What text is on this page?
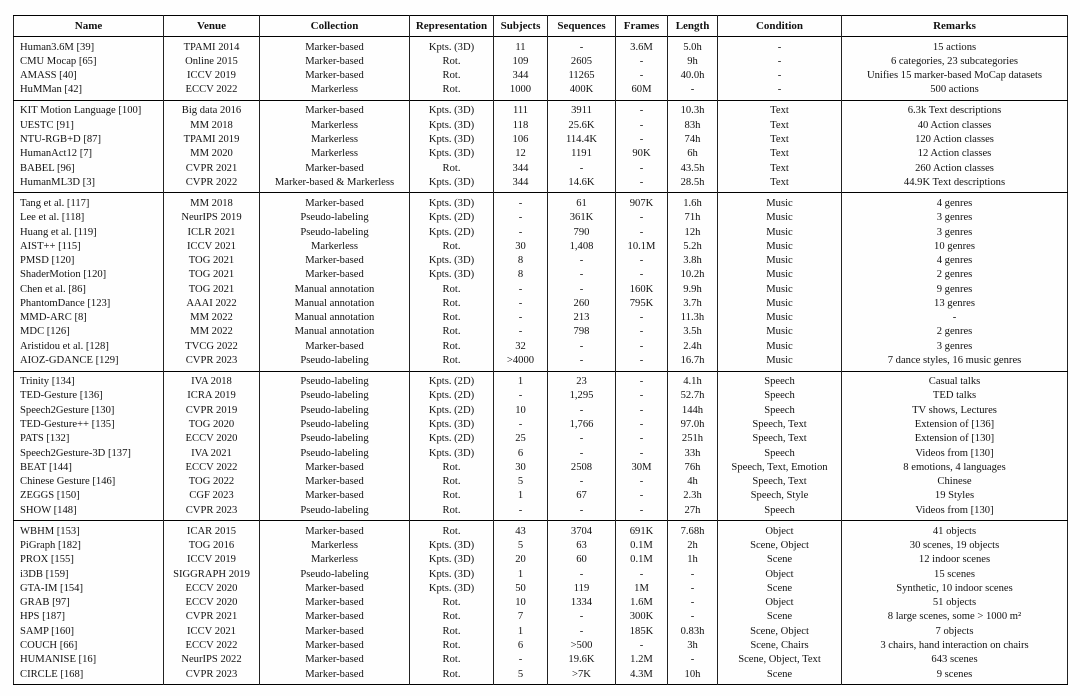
Name	Venue	Collection	Representation	Subjects	Sequences	Frames	Length	Condition	Remarks
Human3.6M [39]	TPAMI 2014	Marker-based	Kpts. (3D)	11	-	3.6M	5.0h	-	15 actions
CMU Mocap [65]	Online 2015	Marker-based	Rot.	109	2605	-	9h	-	6 categories, 23 subcategories
AMASS [40]	ICCV 2019	Marker-based	Rot.	344	11265	-	40.0h	-	Unifies 15 marker-based MoCap datasets
HuMMan [42]	ECCV 2022	Markerless	Rot.	1000	400K	60M	-	-	500 actions
KIT Motion Language [100]	Big data 2016	Marker-based	Kpts. (3D)	111	3911	-	10.3h	Text	6.3k Text descriptions
UESTC [91]	MM 2018	Markerless	Kpts. (3D)	118	25.6K	-	83h	Text	40 Action classes
NTU-RGB+D [87]	TPAMI 2019	Markerless	Kpts. (3D)	106	114.4K	-	74h	Text	120 Action classes
HumanAct12 [7]	MM 2020	Markerless	Kpts. (3D)	12	1191	90K	6h	Text	12 Action classes
BABEL [96]	CVPR 2021	Marker-based	Rot.	344	-	-	43.5h	Text	260 Action classes
HumanML3D [3]	CVPR 2022	Marker-based & Markerless	Kpts. (3D)	344	14.6K	-	28.5h	Text	44.9K Text descriptions
Tang et al. [117]	MM 2018	Marker-based	Kpts. (3D)	-	61	907K	1.6h	Music	4 genres
Lee et al. [118]	NeurIPS 2019	Pseudo-labeling	Kpts. (2D)	-	361K	-	71h	Music	3 genres
Huang et al. [119]	ICLR 2021	Pseudo-labeling	Kpts. (2D)	-	790	-	12h	Music	3 genres
AIST++ [115]	ICCV 2021	Markerless	Rot.	30	1,408	10.1M	5.2h	Music	10 genres
PMSD [120]	TOG 2021	Marker-based	Kpts. (3D)	8	-	-	3.8h	Music	4 genres
ShaderMotion [120]	TOG 2021	Marker-based	Kpts. (3D)	8	-	-	10.2h	Music	2 genres
Chen et al. [86]	TOG 2021	Manual annotation	Rot.	-	-	160K	9.9h	Music	9 genres
PhantomDance [123]	AAAI 2022	Manual annotation	Rot.	-	260	795K	3.7h	Music	13 genres
MMD-ARC [8]	MM 2022	Manual annotation	Rot.	-	213	-	11.3h	Music	-
MDC [126]	MM 2022	Manual annotation	Rot.	-	798	-	3.5h	Music	2 genres
Aristidou et al. [128]	TVCG 2022	Marker-based	Rot.	32	-	-	2.4h	Music	3 genres
AIOZ-GDANCE [129]	CVPR 2023	Pseudo-labeling	Rot.	>4000	-	-	16.7h	Music	7 dance styles, 16 music genres
Trinity [134]	IVA 2018	Pseudo-labeling	Kpts. (2D)	1	23	-	4.1h	Speech	Casual talks
TED-Gesture [136]	ICRA 2019	Pseudo-labeling	Kpts. (2D)	-	1,295	-	52.7h	Speech	TED talks
Speech2Gesture [130]	CVPR 2019	Pseudo-labeling	Kpts. (2D)	10	-	-	144h	Speech	TV shows, Lectures
TED-Gesture++ [135]	TOG 2020	Pseudo-labeling	Kpts. (3D)	-	1,766	-	97.0h	Speech, Text	Extension of [136]
PATS [132]	ECCV 2020	Pseudo-labeling	Kpts. (2D)	25	-	-	251h	Speech, Text	Extension of [130]
Speech2Gesture-3D [137]	IVA 2021	Pseudo-labeling	Kpts. (3D)	6	-	-	33h	Speech	Videos from [130]
BEAT [144]	ECCV 2022	Marker-based	Rot.	30	2508	30M	76h	Speech, Text, Emotion	8 emotions, 4 languages
Chinese Gesture [146]	TOG 2022	Marker-based	Rot.	5	-	-	4h	Speech, Text	Chinese
ZEGGS [150]	CGF 2023	Marker-based	Rot.	1	67	-	2.3h	Speech, Style	19 Styles
SHOW [148]	CVPR 2023	Pseudo-labeling	Rot.	-	-	-	27h	Speech	Videos from [130]
WBHM [153]	ICAR 2015	Marker-based	Rot.	43	3704	691K	7.68h	Object	41 objects
PiGraph [182]	TOG 2016	Markerless	Kpts. (3D)	5	63	0.1M	2h	Scene, Object	30 scenes, 19 objects
PROX [155]	ICCV 2019	Markerless	Kpts. (3D)	20	60	0.1M	1h	Scene	12 indoor scenes
i3DB [159]	SIGGRAPH 2019	Pseudo-labeling	Kpts. (3D)	1	-	-	-	Object	15 scenes
GTA-IM [154]	ECCV 2020	Marker-based	Kpts. (3D)	50	119	1M	-	Scene	Synthetic, 10 indoor scenes
GRAB [97]	ECCV 2020	Marker-based	Rot.	10	1334	1.6M	-	Object	51 objects
HPS [187]	CVPR 2021	Marker-based	Rot.	7	-	300K	-	Scene	8 large scenes, some > 1000 m²
SAMP [160]	ICCV 2021	Marker-based	Rot.	1	-	185K	0.83h	Scene, Object	7 objects
COUCH [66]	ECCV 2022	Marker-based	Rot.	6	>500	-	3h	Scene, Chairs	3 chairs, hand interaction on chairs
HUMANISE [16]	NeurIPS 2022	Marker-based	Rot.	-	19.6K	1.2M	-	Scene, Object, Text	643 scenes
CIRCLE [168]	CVPR 2023	Marker-based	Rot.	5	>7K	4.3M	10h	Scene	9 scenes
